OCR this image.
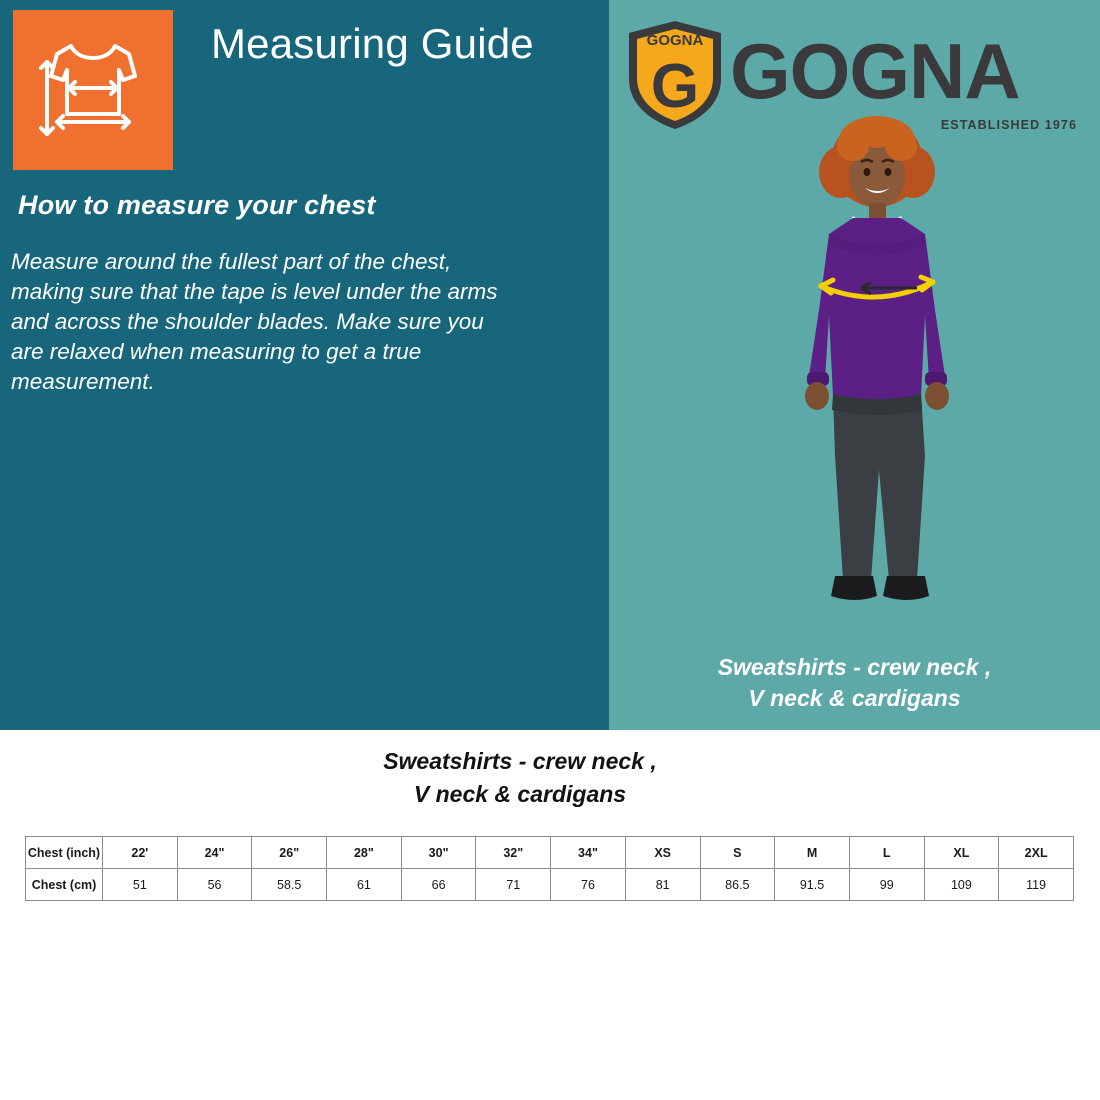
Measuring Guide
How to measure your chest
Measure around the fullest part of the chest, making sure that the tape is level under the arms and across the shoulder blades. Make sure you are relaxed when measuring to get a true measurement.
GOGNA
G GOGNA
ESTABLISHED 1976
Sweatshirts - crew neck ,
V neck & cardigans
Sweatshirts - crew neck ,
V neck & cardigans
Chest (inch)	22'	24"	26"	28"	30"	32"	34"	XS	S	M	L	XL	2XL
Chest (cm)	51	56	58.5	61	66	71	76	81	86.5	91.5	99	109	119
